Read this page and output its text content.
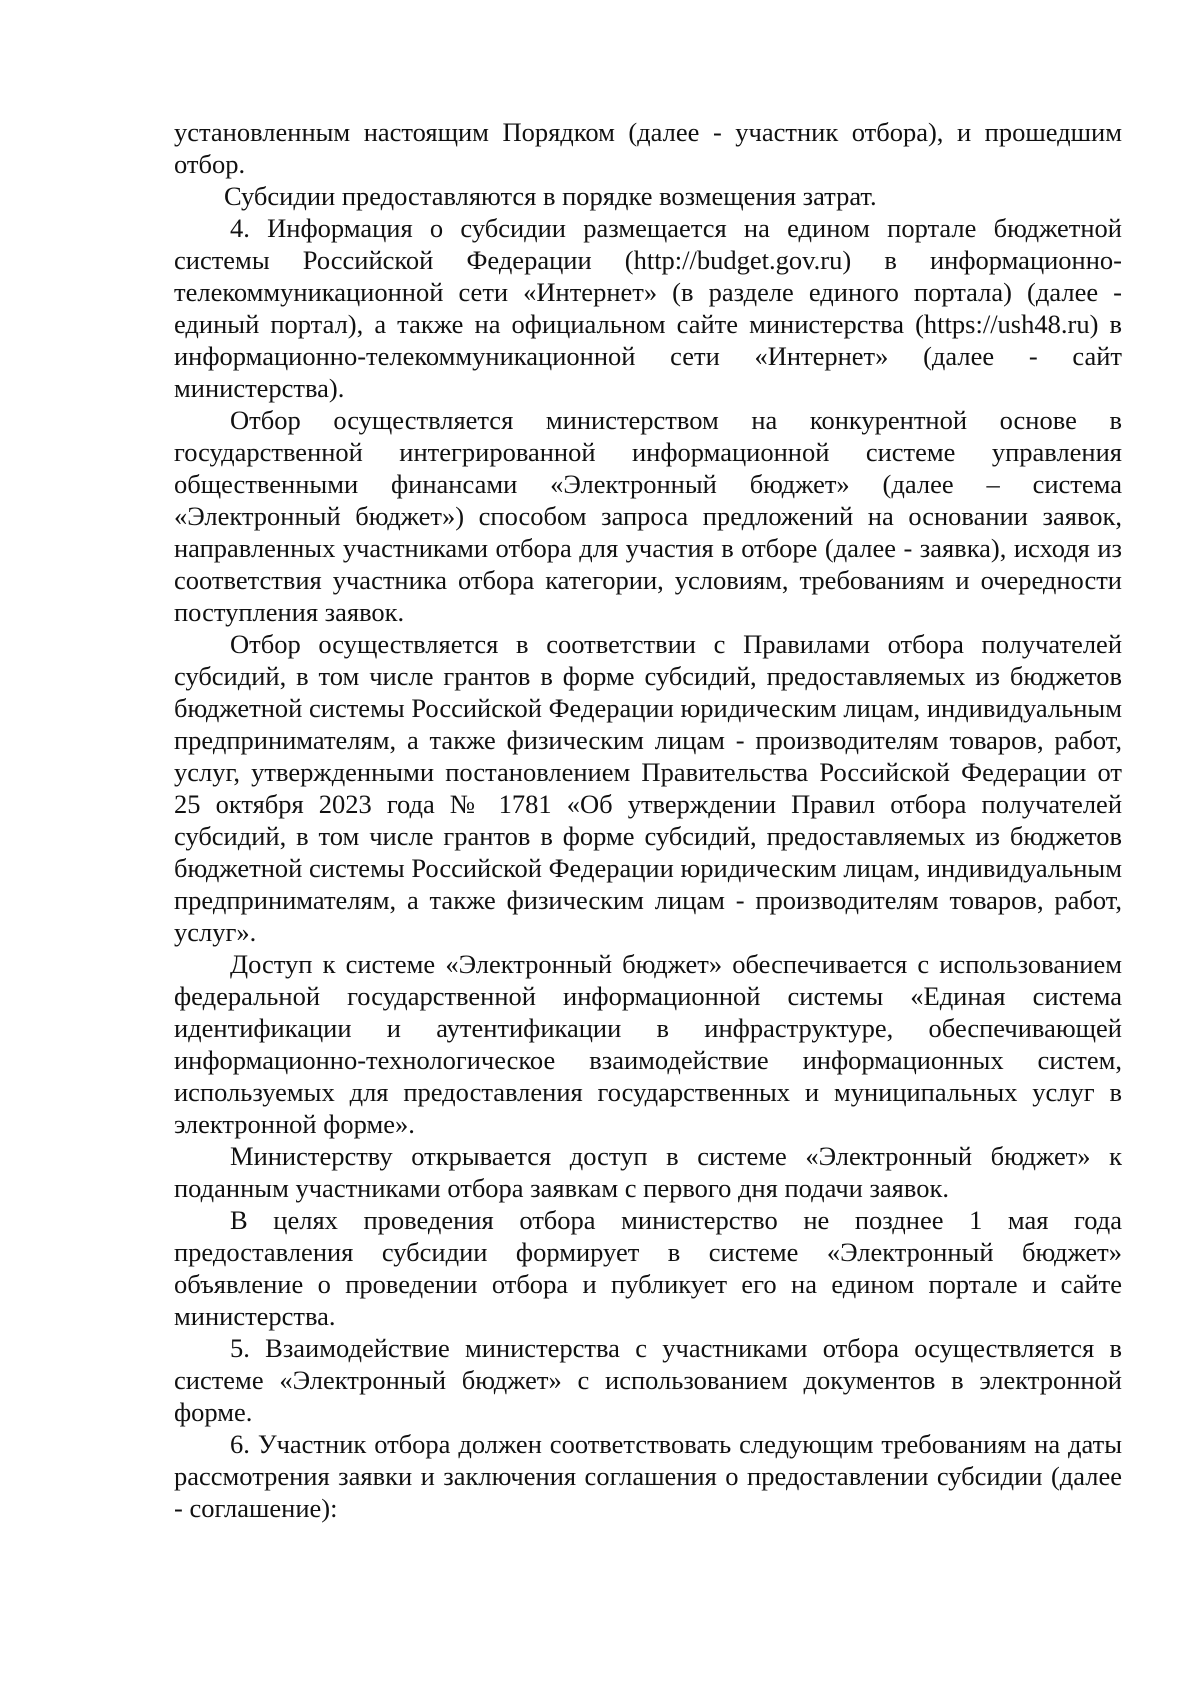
установленным настоящим Порядком (далее - участник отбора), и прошедшим отбор.

Субсидии предоставляются в порядке возмещения затрат.

4. Информация о субсидии размещается на едином портале бюджетной системы Российской Федерации (http://budget.gov.ru) в информационно-телекоммуникационной сети «Интернет» (в разделе единого портала) (далее - единый портал), а также на официальном сайте министерства (https://ush48.ru) в информационно-телекоммуникационной сети «Интернет» (далее - сайт министерства).

Отбор осуществляется министерством на конкурентной основе в государственной интегрированной информационной системе управления общественными финансами «Электронный бюджет» (далее – система «Электронный бюджет») способом запроса предложений на основании заявок, направленных участниками отбора для участия в отборе (далее - заявка), исходя из соответствия участника отбора категории, условиям, требованиям и очередности поступления заявок.

Отбор осуществляется в соответствии с Правилами отбора получателей субсидий, в том числе грантов в форме субсидий, предоставляемых из бюджетов бюджетной системы Российской Федерации юридическим лицам, индивидуальным предпринимателям, а также физическим лицам - производителям товаров, работ, услуг, утвержденными постановлением Правительства Российской Федерации от 25 октября 2023 года № 1781 «Об утверждении Правил отбора получателей субсидий, в том числе грантов в форме субсидий, предоставляемых из бюджетов бюджетной системы Российской Федерации юридическим лицам, индивидуальным предпринимателям, а также физическим лицам - производителям товаров, работ, услуг».

Доступ к системе «Электронный бюджет» обеспечивается с использованием федеральной государственной информационной системы «Единая система идентификации и аутентификации в инфраструктуре, обеспечивающей информационно-технологическое взаимодействие информационных систем, используемых для предоставления государственных и муниципальных услуг в электронной форме».

Министерству открывается доступ в системе «Электронный бюджет» к поданным участниками отбора заявкам с первого дня подачи заявок.

В целях проведения отбора министерство не позднее 1 мая года предоставления субсидии формирует в системе «Электронный бюджет» объявление о проведении отбора и публикует его на едином портале и сайте министерства.

5. Взаимодействие министерства с участниками отбора осуществляется в системе «Электронный бюджет» с использованием документов в электронной форме.

6. Участник отбора должен соответствовать следующим требованиям на даты рассмотрения заявки и заключения соглашения о предоставлении субсидии (далее - соглашение):
